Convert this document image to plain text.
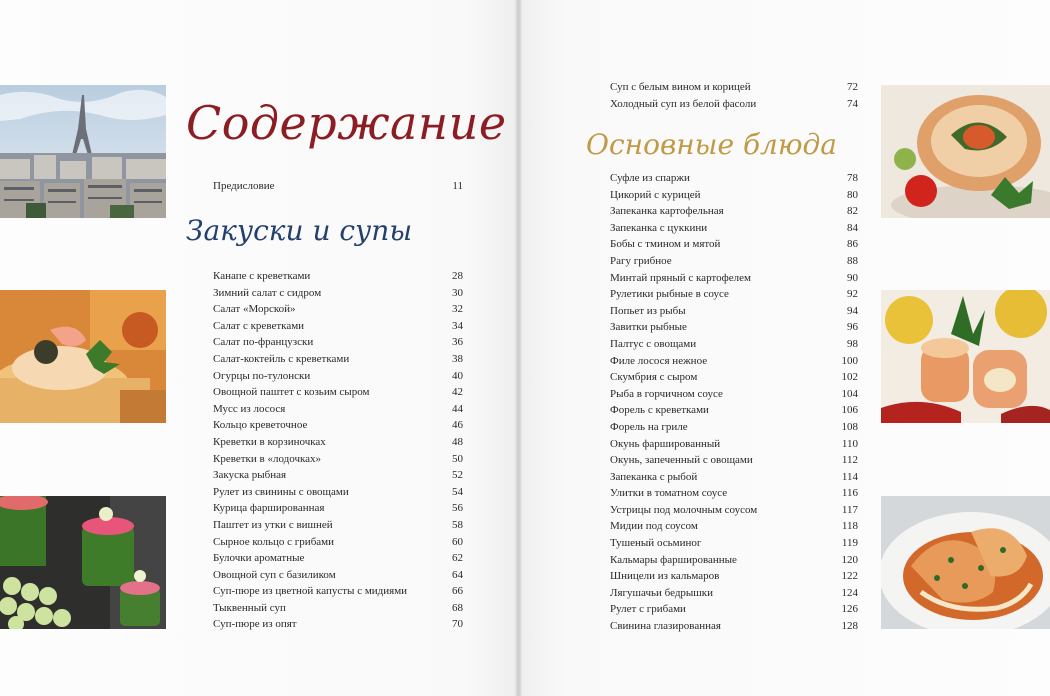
Содержание
Предисловие	11
Закуски и супы
Канапе с креветками	28
Зимний салат с сидром	30
Салат «Морской»	32
Салат с креветками	34
Салат по-французски	36
Салат-коктейль с креветками	38
Огурцы по-тулонски	40
Овощной паштет с козьим сыром	42
Мусс из лосося	44
Кольцо креветочное	46
Креветки в корзиночках	48
Креветки в «лодочках»	50
Закуска рыбная	52
Рулет из свинины с овощами	54
Курица фаршированная	56
Паштет из утки с вишней	58
Сырное кольцо с грибами	60
Булочки ароматные	62
Овощной суп с базиликом	64
Суп-пюре из цветной капусты с мидиями	66
Тыквенный суп	68
Суп-пюре из опят	70
Суп с белым вином и корицей	72
Холодный суп из белой фасоли	74
Основные блюда
Суфле из спаржи	78
Цикорий с курицей	80
Запеканка картофельная	82
Запеканка с цуккини	84
Бобы с тмином и мятой	86
Рагу грибное	88
Минтай пряный с картофелем	90
Рулетики рыбные в соусе	92
Попьет из рыбы	94
Завитки рыбные	96
Палтус с овощами	98
Филе лосося нежное	100
Скумбрия с сыром	102
Рыба в горчичном соусе	104
Форель с креветками	106
Форель на гриле	108
Окунь фаршированный	110
Окунь, запеченный с овощами	112
Запеканка с рыбой	114
Улитки в томатном соусе	116
Устрицы под молочным соусом	117
Мидии под соусом	118
Тушеный осьминог	119
Кальмары фаршированные	120
Шницели из кальмаров	122
Лягушачьи бедрышки	124
Рулет с грибами	126
Свинина глазированная	128
